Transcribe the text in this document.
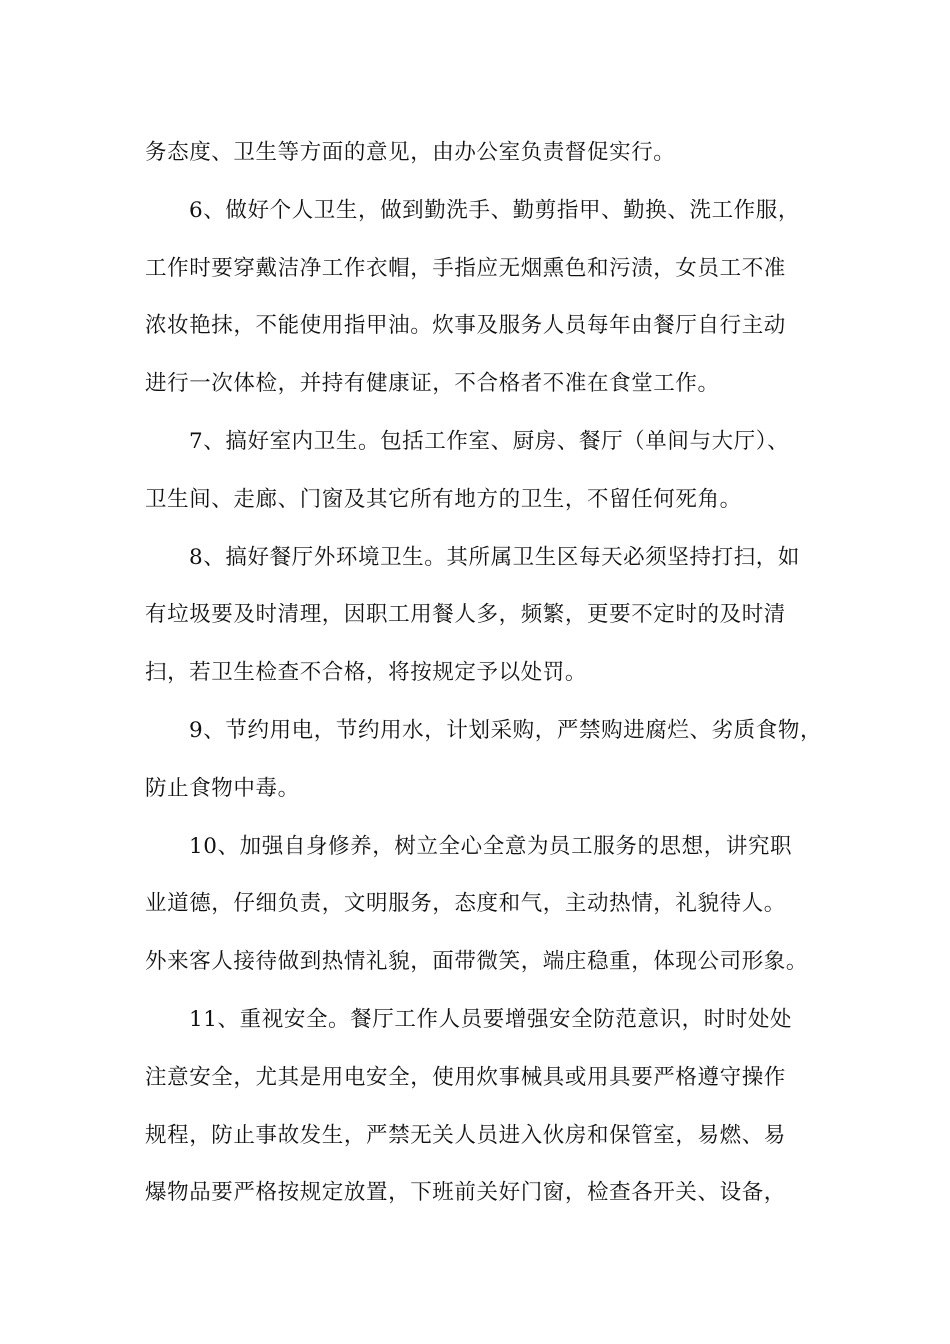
务态度、卫生等方面的意见，由办公室负责督促实行。
6、做好个人卫生，做到勤洗手、勤剪指甲、勤换、洗工作服，
工作时要穿戴洁净工作衣帽，手指应无烟熏色和污渍，女员工不准
浓妆艳抹，不能使用指甲油。炊事及服务人员每年由餐厅自行主动
进行一次体检，并持有健康证，不合格者不准在食堂工作。
7、搞好室内卫生。包括工作室、厨房、餐厅（单间与大厅）、
卫生间、走廊、门窗及其它所有地方的卫生，不留任何死角。
8、搞好餐厅外环境卫生。其所属卫生区每天必须坚持打扫，如
有垃圾要及时清理，因职工用餐人多，频繁，更要不定时的及时清
扫，若卫生检查不合格，将按规定予以处罚。
9、节约用电，节约用水，计划采购，严禁购进腐烂、劣质食物，
防止食物中毒。
10、加强自身修养，树立全心全意为员工服务的思想，讲究职
业道德，仔细负责，文明服务，态度和气，主动热情，礼貌待人。
外来客人接待做到热情礼貌，面带微笑，端庄稳重，体现公司形象。
11、重视安全。餐厅工作人员要增强安全防范意识，时时处处
注意安全，尤其是用电安全，使用炊事械具或用具要严格遵守操作
规程，防止事故发生，严禁无关人员进入伙房和保管室，易燃、易
爆物品要严格按规定放置，下班前关好门窗，检查各开关、设备，
